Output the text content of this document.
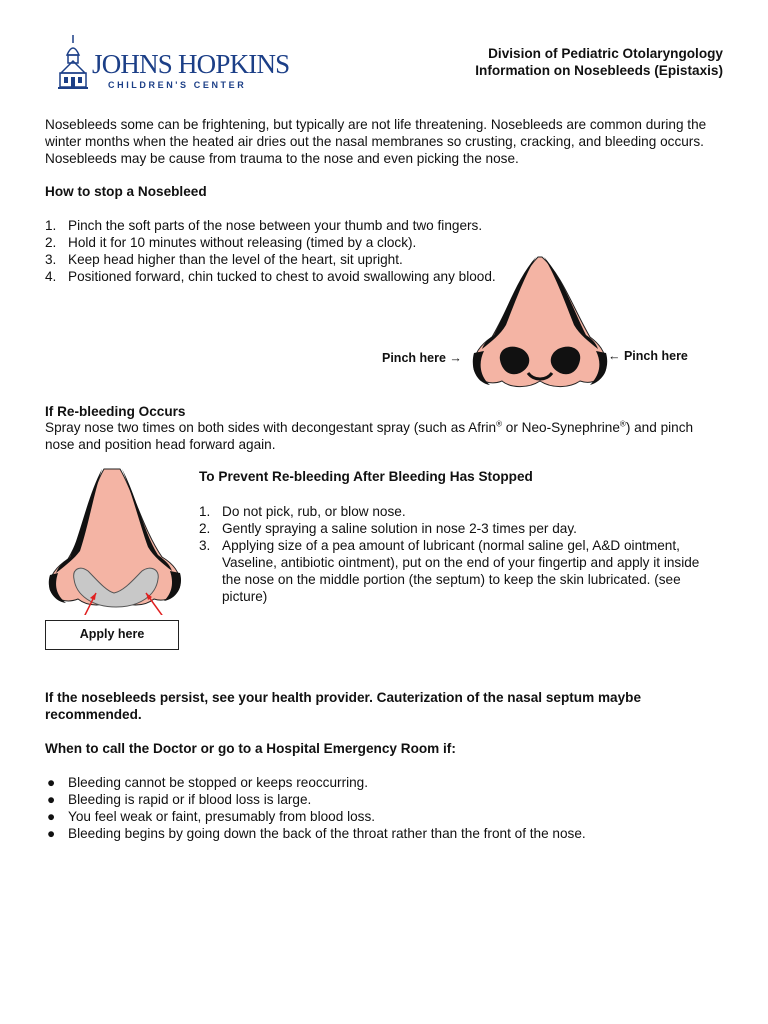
JOHNS HOPKINS
CHILDREN'S CENTER
Division of Pediatric Otolaryngology
Information on Nosebleeds (Epistaxis)
Nosebleeds some can be frightening, but typically are not life threatening. Nosebleeds are common during the
winter months when the heated air dries out the nasal membranes so crusting, cracking, and bleeding occurs.
Nosebleeds may be cause from trauma to the nose and even picking the nose.
How to stop a Nosebleed
1. Pinch the soft parts of the nose between your thumb and two fingers.
2. Hold it for 10 minutes without releasing (timed by a clock).
3. Keep head higher than the level of the heart, sit upright.
4. Positioned forward, chin tucked to chest to avoid swallowing any blood.
Pinch here →	← Pinch here
If Re-bleeding Occurs
Spray nose two times on both sides with decongestant spray (such as Afrin® or Neo-Synephrine®) and pinch
nose and position head forward again.
To Prevent Re-bleeding After Bleeding Has Stopped
1. Do not pick, rub, or blow nose.
2. Gently spraying a saline solution in nose 2-3 times per day.
3. Applying size of a pea amount of lubricant (normal saline gel, A&D ointment,
Vaseline, antibiotic ointment), put on the end of your fingertip and apply it inside
the nose on the middle portion (the septum) to keep the skin lubricated. (see
picture)
Apply here
If the nosebleeds persist, see your health provider. Cauterization of the nasal septum maybe
recommended.
When to call the Doctor or go to a Hospital Emergency Room if:
● Bleeding cannot be stopped or keeps reoccurring.
● Bleeding is rapid or if blood loss is large.
● You feel weak or faint, presumably from blood loss.
● Bleeding begins by going down the back of the throat rather than the front of the nose.
